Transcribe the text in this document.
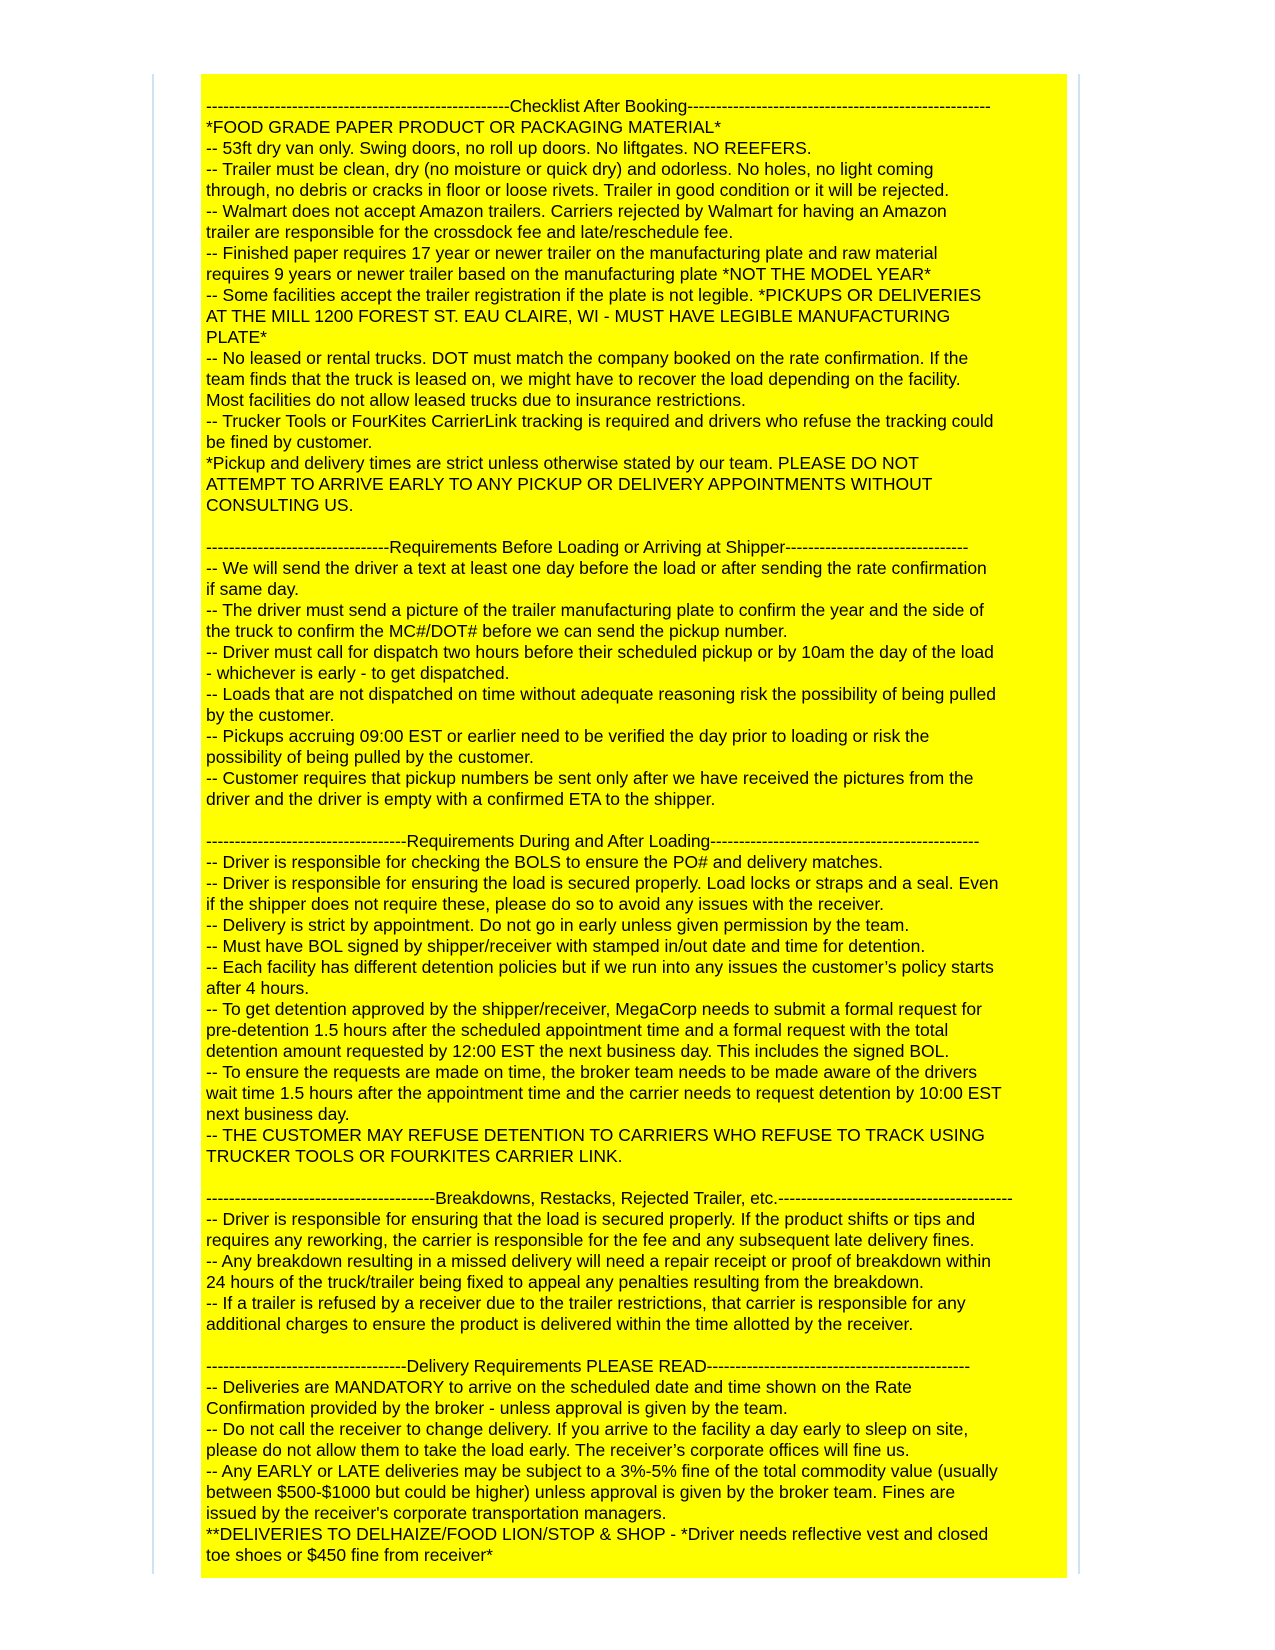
-----------------------------------------------------Checklist After Booking-----------------------------------------------------
*FOOD GRADE PAPER PRODUCT OR PACKAGING MATERIAL*
-- 53ft dry van only. Swing doors, no roll up doors. No liftgates. NO REEFERS.
-- Trailer must be clean, dry (no moisture or quick dry) and odorless. No holes, no light coming
through, no debris or cracks in floor or loose rivets. Trailer in good condition or it will be rejected.
-- Walmart does not accept Amazon trailers. Carriers rejected by Walmart for having an Amazon
trailer are responsible for the crossdock fee and late/reschedule fee.
-- Finished paper requires 17 year or newer trailer on the manufacturing plate and raw material
requires 9 years or newer trailer based on the manufacturing plate *NOT THE MODEL YEAR*
-- Some facilities accept the trailer registration if the plate is not legible. *PICKUPS OR DELIVERIES
AT THE MILL 1200 FOREST ST. EAU CLAIRE, WI - MUST HAVE LEGIBLE MANUFACTURING
PLATE*
-- No leased or rental trucks. DOT must match the company booked on the rate confirmation. If the
team finds that the truck is leased on, we might have to recover the load depending on the facility.
Most facilities do not allow leased trucks due to insurance restrictions.
-- Trucker Tools or FourKites CarrierLink tracking is required and drivers who refuse the tracking could
be fined by customer.
*Pickup and delivery times are strict unless otherwise stated by our team. PLEASE DO NOT
ATTEMPT TO ARRIVE EARLY TO ANY PICKUP OR DELIVERY APPOINTMENTS WITHOUT
CONSULTING US.
--------------------------------Requirements Before Loading or Arriving at Shipper--------------------------------
-- We will send the driver a text at least one day before the load or after sending the rate confirmation
if same day.
-- The driver must send a picture of the trailer manufacturing plate to confirm the year and the side of
the truck to confirm the MC#/DOT# before we can send the pickup number.
-- Driver must call for dispatch two hours before their scheduled pickup or by 10am the day of the load
- whichever is early - to get dispatched.
-- Loads that are not dispatched on time without adequate reasoning risk the possibility of being pulled
by the customer.
-- Pickups accruing 09:00 EST or earlier need to be verified the day prior to loading or risk the
possibility of being pulled by the customer.
-- Customer requires that pickup numbers be sent only after we have received the pictures from the
driver and the driver is empty with a confirmed ETA to the shipper.
-----------------------------------Requirements During and After Loading-----------------------------------------------
-- Driver is responsible for checking the BOLS to ensure the PO# and delivery matches.
-- Driver is responsible for ensuring the load is secured properly. Load locks or straps and a seal. Even
if the shipper does not require these, please do so to avoid any issues with the receiver.
-- Delivery is strict by appointment. Do not go in early unless given permission by the team.
-- Must have BOL signed by shipper/receiver with stamped in/out date and time for detention.
-- Each facility has different detention policies but if we run into any issues the customer’s policy starts
after 4 hours.
-- To get detention approved by the shipper/receiver, MegaCorp needs to submit a formal request for
pre-detention 1.5 hours after the scheduled appointment time and a formal request with the total
detention amount requested by 12:00 EST the next business day. This includes the signed BOL.
-- To ensure the requests are made on time, the broker team needs to be made aware of the drivers
wait time 1.5 hours after the appointment time and the carrier needs to request detention by 10:00 EST
next business day.
-- THE CUSTOMER MAY REFUSE DETENTION TO CARRIERS WHO REFUSE TO TRACK USING
TRUCKER TOOLS OR FOURKITES CARRIER LINK.
----------------------------------------Breakdowns, Restacks, Rejected Trailer, etc.-----------------------------------------
-- Driver is responsible for ensuring that the load is secured properly. If the product shifts or tips and
requires any reworking, the carrier is responsible for the fee and any subsequent late delivery fines.
-- Any breakdown resulting in a missed delivery will need a repair receipt or proof of breakdown within
24 hours of the truck/trailer being fixed to appeal any penalties resulting from the breakdown.
-- If a trailer is refused by a receiver due to the trailer restrictions, that carrier is responsible for any
additional charges to ensure the product is delivered within the time allotted by the receiver.
-----------------------------------Delivery Requirements PLEASE READ----------------------------------------------
-- Deliveries are MANDATORY to arrive on the scheduled date and time shown on the Rate
Confirmation provided by the broker - unless approval is given by the team.
-- Do not call the receiver to change delivery. If you arrive to the facility a day early to sleep on site,
please do not allow them to take the load early. The receiver’s corporate offices will fine us.
-- Any EARLY or LATE deliveries may be subject to a 3%-5% fine of the total commodity value (usually
between $500-$1000 but could be higher) unless approval is given by the broker team. Fines are
issued by the receiver's corporate transportation managers.
**DELIVERIES TO DELHAIZE/FOOD LION/STOP & SHOP - *Driver needs reflective vest and closed
toe shoes or $450 fine from receiver*
